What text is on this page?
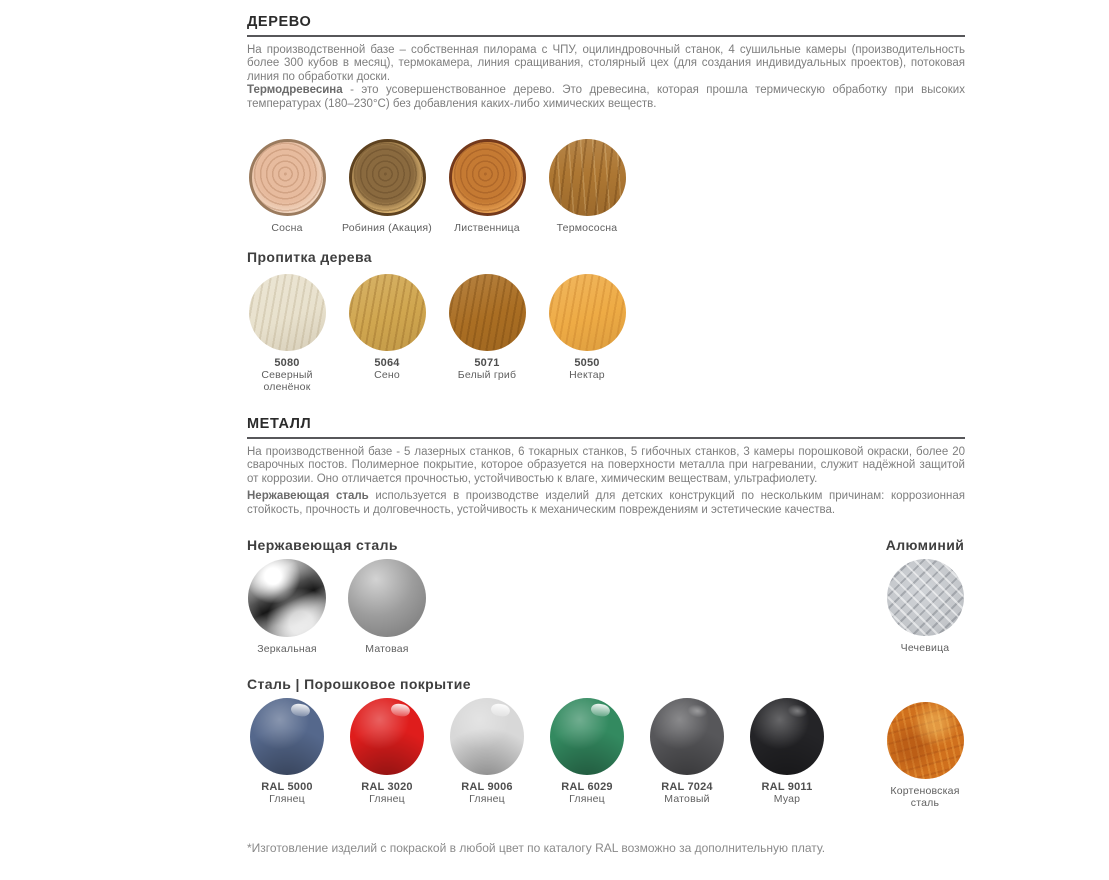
ДЕРЕВО
На производственной базе – собственная пилорама с ЧПУ, оцилиндровочный станок, 4 сушильные камеры (производительность более 300 кубов в месяц), термокамера, линия сращивания, столярный цех (для создания индивидуальных проектов), потоковая линия по обработки доски.
Термодревесина - это усовершенствованное дерево. Это древесина, которая прошла термическую обработку при высоких температурах (180–230°C) без добавления каких-либо химических веществ.
Сосна	Робиния (Акация)	Лиственница	Термососна
Пропитка дерева
5080
Северный оленёнок
5064
Сено
5071
Белый гриб
5050
Нектар
МЕТАЛЛ
На производственной базе - 5 лазерных станков, 6 токарных станков, 5 гибочных станков, 3 камеры порошковой окраски, более 20 сварочных постов. Полимерное покрытие, которое образуется на поверхности металла при нагревании, служит надёжной защитой от коррозии. Оно отличается прочностью, устойчивостью к влаге, химическим веществам, ультрафиолету.
Нержавеющая сталь используется в производстве изделий для детских конструкций по нескольким причинам: коррозионная стойкость, прочность и долговечность, устойчивость к механическим повреждениям и эстетические качества.
Нержавеющая сталь
Зеркальная	Матовая
Алюминий
Чечевица
Сталь | Порошковое покрытие
RAL 5000
Глянец
RAL 3020
Глянец
RAL 9006
Глянец
RAL 6029
Глянец
RAL 7024
Матовый
RAL 9011
Муар
Кортеновская сталь
*Изготовление изделий с покраской в любой цвет по каталогу RAL возможно за дополнительную плату.
